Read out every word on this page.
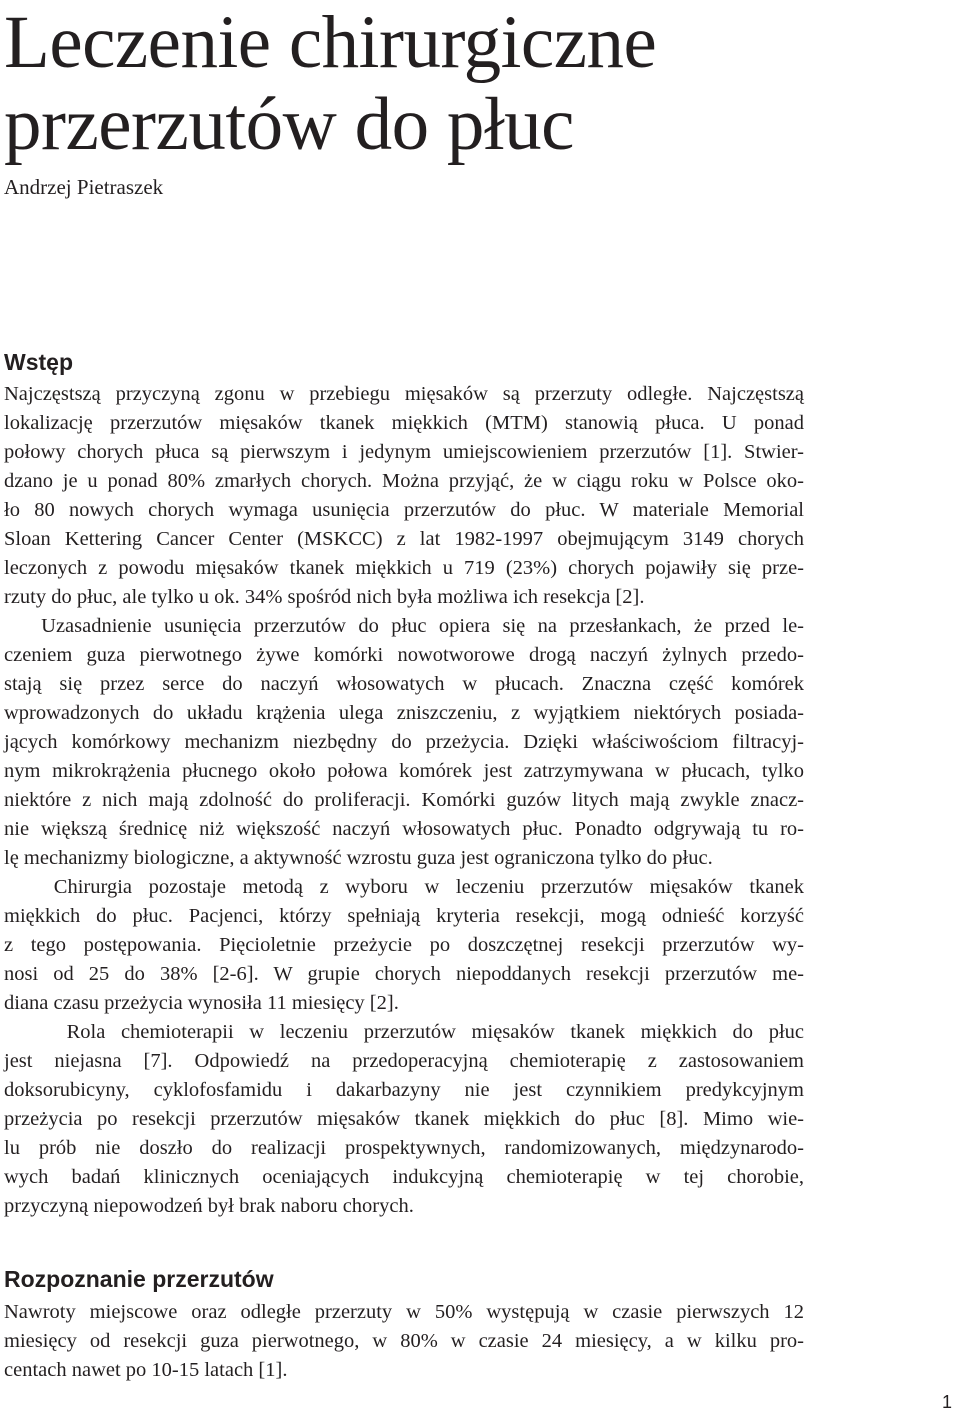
Leczenie chirurgiczne
przerzutów do płuc

Andrzej Pietraszek

Wstęp
Najczęstszą przyczyną zgonu w przebiegu mięsaków są przerzuty odległe. Najczęstszą
lokalizację przerzutów mięsaków tkanek miękkich (MTM) stanowią płuca. U ponad
połowy chorych płuca są pierwszym i jedynym umiejscowieniem przerzutów [1]. Stwier-
dzano je u ponad 80% zmarłych chorych. Można przyjąć, że w ciągu roku w Polsce oko-
ło 80 nowych chorych wymaga usunięcia przerzutów do płuc. W materiale Memorial
Sloan Kettering Cancer Center (MSKCC) z lat 1982-1997 obejmującym 3149 chorych
leczonych z powodu mięsaków tkanek miękkich u 719 (23%) chorych pojawiły się prze-
rzuty do płuc, ale tylko u ok. 34% spośród nich była możliwa ich resekcja [2].
Uzasadnienie usunięcia przerzutów do płuc opiera się na przesłankach, że przed le-
czeniem guza pierwotnego żywe komórki nowotworowe drogą naczyń żylnych przedo-
stają się przez serce do naczyń włosowatych w płucach. Znaczna część komórek
wprowadzonych do układu krążenia ulega zniszczeniu, z wyjątkiem niektórych posiada-
jących komórkowy mechanizm niezbędny do przeżycia. Dzięki właściwościom filtracyj-
nym mikrokrążenia płucnego około połowa komórek jest zatrzymywana w płucach, tylko
niektóre z nich mają zdolność do proliferacji. Komórki guzów litych mają zwykle znacz-
nie większą średnicę niż większość naczyń włosowatych płuc. Ponadto odgrywają tu ro-
lę mechanizmy biologiczne, a aktywność wzrostu guza jest ograniczona tylko do płuc.
Chirurgia pozostaje metodą z wyboru w leczeniu przerzutów mięsaków tkanek
miękkich do płuc. Pacjenci, którzy spełniają kryteria resekcji, mogą odnieść korzyść
z tego postępowania. Pięcioletnie przeżycie po doszczętnej resekcji przerzutów wy-
nosi od 25 do 38% [2-6]. W grupie chorych niepoddanych resekcji przerzutów me-
diana czasu przeżycia wynosiła 11 miesięcy [2].
Rola chemioterapii w leczeniu przerzutów mięsaków tkanek miękkich do płuc
jest niejasna [7]. Odpowiedź na przedoperacyjną chemioterapię z zastosowaniem
doksorubicyny, cyklofosfamidu i dakarbazyny nie jest czynnikiem predykcyjnym
przeżycia po resekcji przerzutów mięsaków tkanek miękkich do płuc [8]. Mimo wie-
lu prób nie doszło do realizacji prospektywnych, randomizowanych, międzynarodo-
wych badań klinicznych oceniających indukcyjną chemioterapię w tej chorobie,
przyczyną niepowodzeń był brak naboru chorych.
Rozpoznanie przerzutów
Nawroty miejscowe oraz odległe przerzuty w 50% występują w czasie pierwszych 12
miesięcy od resekcji guza pierwotnego, w 80% w czasie 24 miesięcy, a w kilku pro-
centach nawet po 10-15 latach [1].
1
